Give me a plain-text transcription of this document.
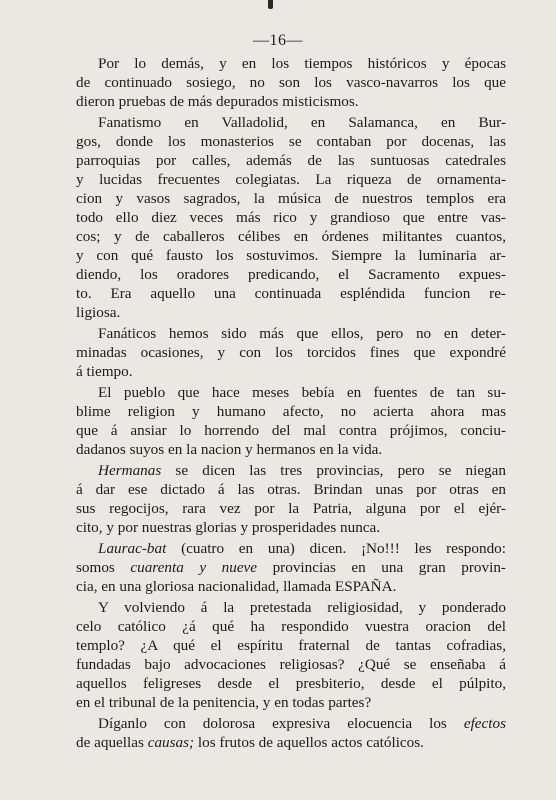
—16—

Por lo demás, y en los tiempos históricos y épocas
de continuado sosiego, no son los vasco-navarros los que
dieron pruebas de más depurados misticismos.

Fanatismo en Valladolid, en Salamanca, en Bur-
gos, donde los monasterios se contaban por docenas, las
parroquias por calles, además de las suntuosas catedrales
y lucidas frecuentes colegiatas. La riqueza de ornamenta-
cion y vasos sagrados, la música de nuestros templos era
todo ello diez veces más rico y grandioso que entre vas-
cos; y de caballeros célibes en órdenes militantes cuantos,
y con qué fausto los sostuvimos. Siempre la luminaria ar-
diendo, los oradores predicando, el Sacramento expues-
to. Era aquello una continuada espléndida funcion re-
ligiosa.

Fanáticos hemos sido más que ellos, pero no en deter-
minadas ocasiones, y con los torcidos fines que expondré
á tiempo.

El pueblo que hace meses bebía en fuentes de tan su-
blime religion y humano afecto, no acierta ahora mas
que á ansiar lo horrendo del mal contra prójimos, conciu-
dadanos suyos en la nacion y hermanos en la vida.

Hermanas se dicen las tres provincias, pero se niegan
á dar ese dictado á las otras. Brindan unas por otras en
sus regocijos, rara vez por la Patria, alguna por el ejér-
cito, y por nuestras glorias y prosperidades nunca.

Laurac-bat (cuatro en una) dicen. ¡No!!! les respondo:
somos cuarenta y nueve provincias en una gran provin-
cia, en una gloriosa nacionalidad, llamada ESPAÑA.

Y volviendo á la pretestada religiosidad, y ponderado
celo católico ¿á qué ha respondido vuestra oracion del
templo? ¿A qué el espíritu fraternal de tantas cofradias,
fundadas bajo advocaciones religiosas? ¿Qué se enseñaba á
aquellos feligreses desde el presbiterio, desde el púlpito,
en el tribunal de la penitencia, y en todas partes?

Díganlo con dolorosa expresiva elocuencia los efectos
de aquellas causas; los frutos de aquellos actos católicos.
